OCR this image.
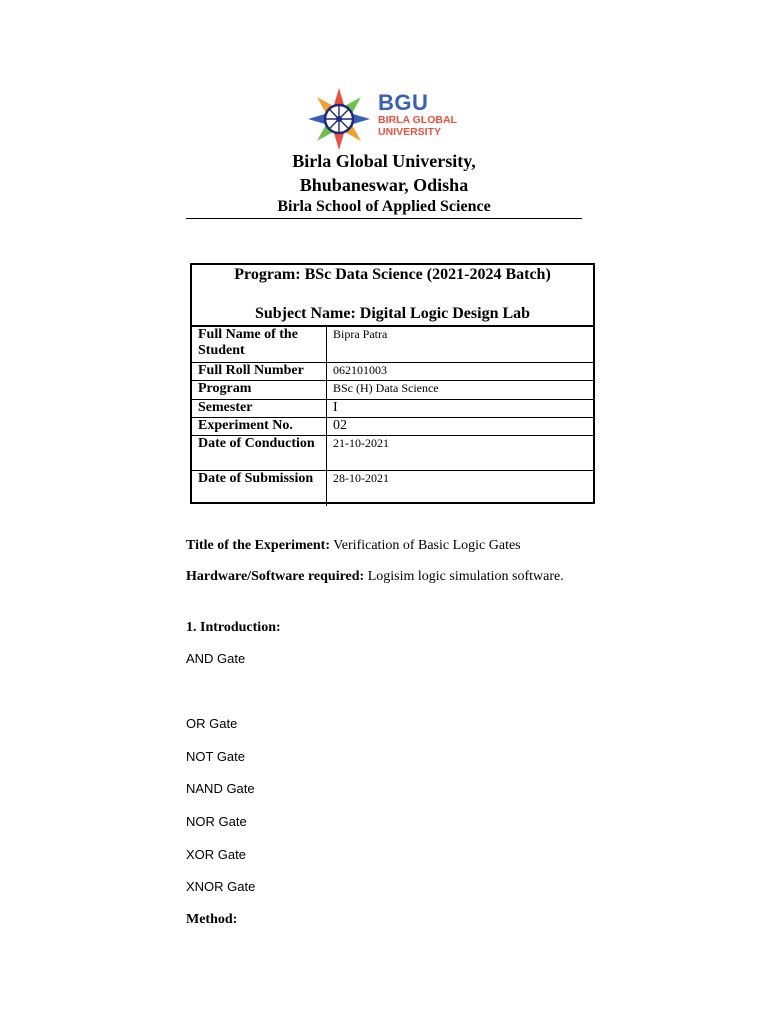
BGU
BIRLA GLOBAL
UNIVERSITY
Birla Global University,
Bhubaneswar, Odisha
Birla School of Applied Science
Program: BSc Data Science (2021-2024 Batch)
Subject Name: Digital Logic Design Lab
Full Name of the Student	Bipra Patra
Full Roll Number	062101003
Program	BSc (H) Data Science
Semester	I
Experiment No.	02
Date of Conduction	21-10-2021
Date of Submission	28-10-2021
Title of the Experiment: Verification of Basic Logic Gates
Hardware/Software required: Logisim logic simulation software.
1. Introduction:
AND Gate
OR Gate
NOT Gate
NAND Gate
NOR Gate
XOR Gate
XNOR Gate
Method:
